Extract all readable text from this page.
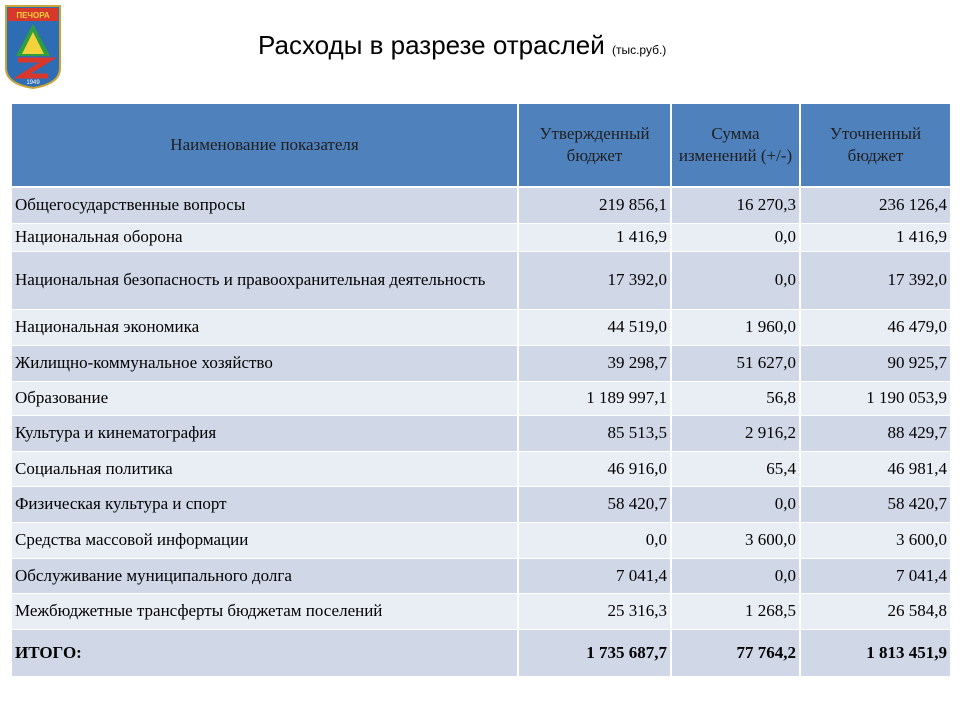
ПЕЧОРА
1949
Расходы в разрезе отраслей (тыс.руб.)
Наименование показателя	Утвержденный бюджет	Сумма изменений (+/-)	Уточненный бюджет
Общегосударственные вопросы	219 856,1	16 270,3	236 126,4
Национальная оборона	1 416,9	0,0	1 416,9
Национальная безопасность и правоохранительная деятельность	17 392,0	0,0	17 392,0
Национальная экономика	44 519,0	1 960,0	46 479,0
Жилищно-коммунальное хозяйство	39 298,7	51 627,0	90 925,7
Образование	1 189 997,1	56,8	1 190 053,9
Культура и кинематография	85 513,5	2 916,2	88 429,7
Социальная политика	46 916,0	65,4	46 981,4
Физическая культура и спорт	58 420,7	0,0	58 420,7
Средства массовой информации	0,0	3 600,0	3 600,0
Обслуживание муниципального долга	7 041,4	0,0	7 041,4
Межбюджетные трансферты бюджетам поселений	25 316,3	1 268,5	26 584,8
ИТОГО:	1 735 687,7	77 764,2	1 813 451,9
